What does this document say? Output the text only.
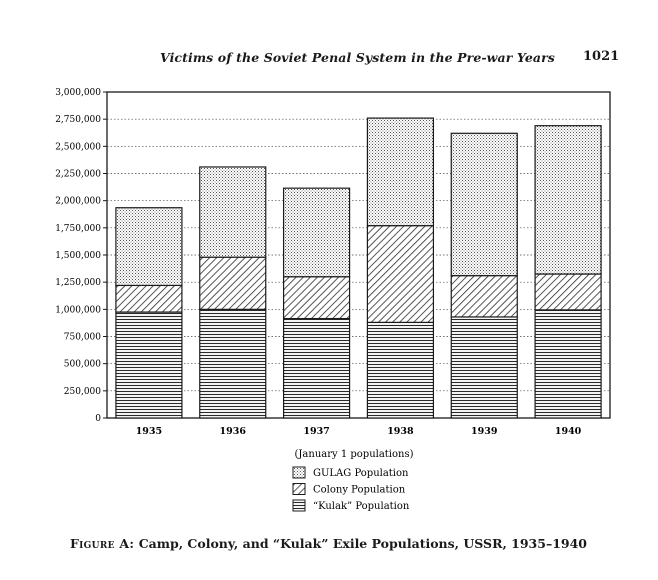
Victims of the Soviet Penal System in the Pre-war Years 1021
0
250,000
500,000
750,000
1,000,000
1,250,000
1,500,000
1,750,000
2,000,000
2,250,000
2,500,000
2,750,000
3,000,000
1935	1936	1937	1938	1939	1940
(January 1 populations)
GULAG Population
Colony Population
“Kulak” Population
Figure A: Camp, Colony, and “Kulak” Exile Populations, USSR, 1935–1940
